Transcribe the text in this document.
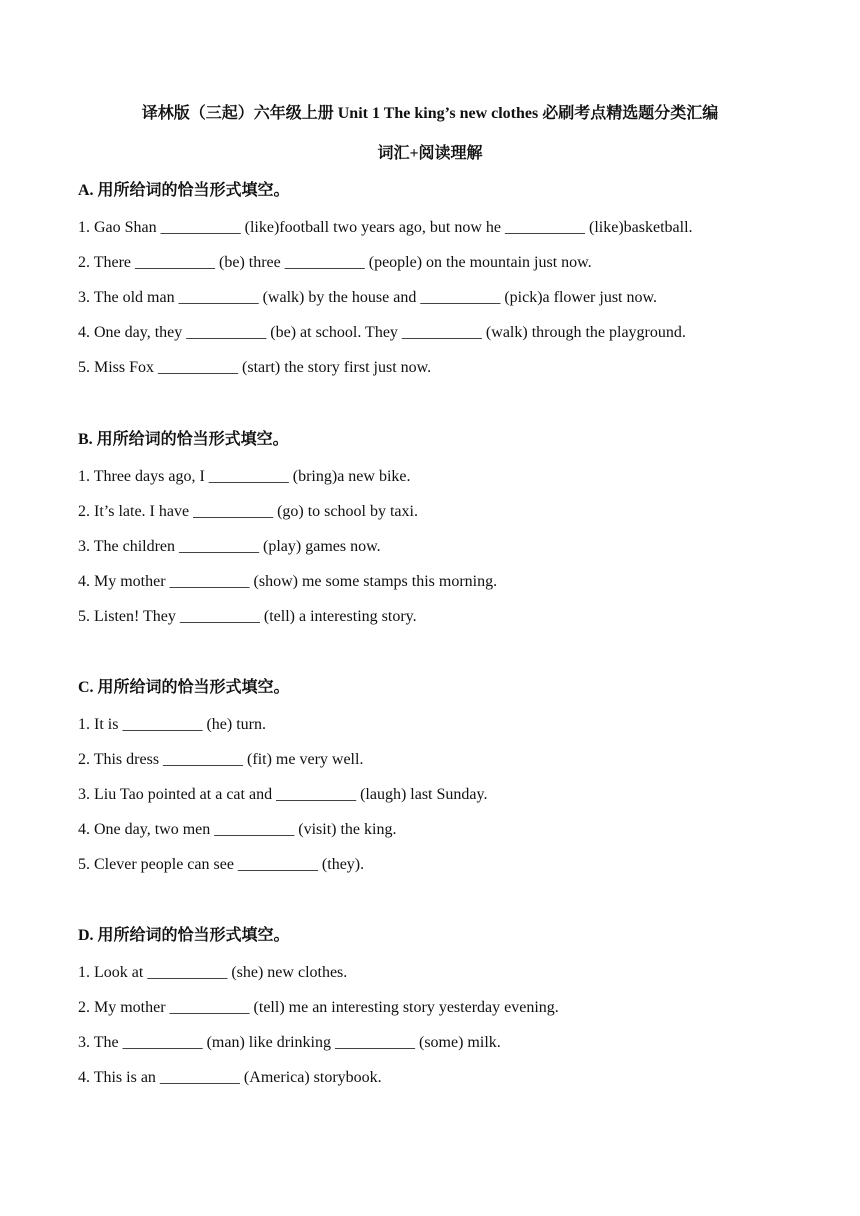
译林版（三起）六年级上册 Unit 1 The king’s new clothes 必刷考点精选题分类汇编
词汇+阅读理解
A. 用所给词的恰当形式填空。
1. Gao Shan __________ (like)football two years ago, but now he __________ (like)basketball.
2. There __________ (be) three __________ (people) on the mountain just now.
3. The old man __________ (walk) by the house and __________ (pick)a flower just now.
4. One day, they __________ (be) at school. They __________ (walk) through the playground.
5. Miss Fox __________ (start) the story first just now.
B. 用所给词的恰当形式填空。
1. Three days ago, I __________ (bring)a new bike.
2. It’s late. I have __________ (go) to school by taxi.
3. The children __________ (play) games now.
4. My mother __________ (show) me some stamps this morning.
5. Listen! They __________ (tell) a interesting story.
C. 用所给词的恰当形式填空。
1. It is __________ (he) turn.
2. This dress __________ (fit) me very well.
3. Liu Tao pointed at a cat and __________ (laugh) last Sunday.
4. One day, two men __________ (visit) the king.
5. Clever people can see __________ (they).
D. 用所给词的恰当形式填空。
1. Look at __________ (she) new clothes.
2. My mother __________ (tell) me an interesting story yesterday evening.
3. The __________ (man) like drinking __________ (some) milk.
4. This is an __________ (America) storybook.
